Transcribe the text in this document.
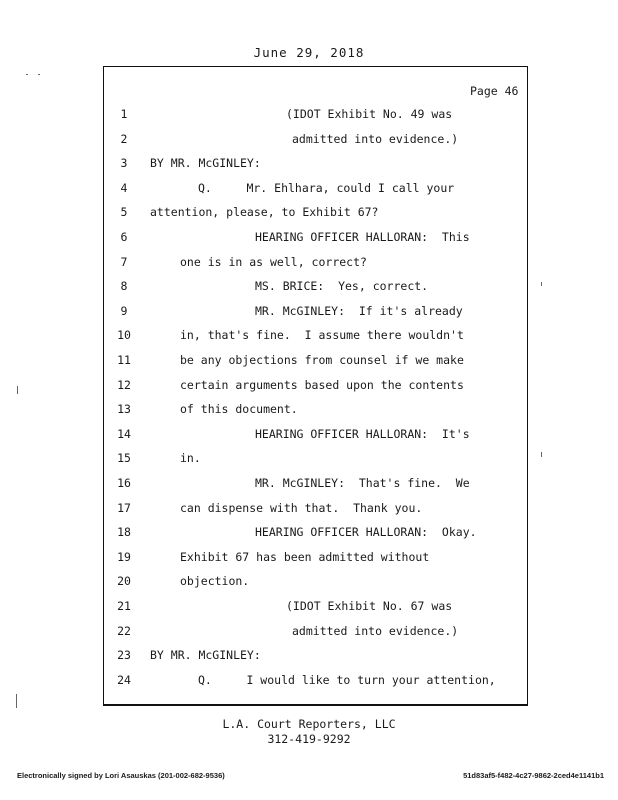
June 29, 2018
Page 46
1	(IDOT Exhibit No. 49 was
2	admitted into evidence.)
3	BY MR. McGINLEY:
4	Q.     Mr. Ehlhara, could I call your
5	attention, please, to Exhibit 67?
6	HEARING OFFICER HALLORAN:  This
7	one is in as well, correct?
8	MS. BRICE:  Yes, correct.
9	MR. McGINLEY:  If it's already
10	in, that's fine.  I assume there wouldn't
11	be any objections from counsel if we make
12	certain arguments based upon the contents
13	of this document.
14	HEARING OFFICER HALLORAN:  It's
15	in.
16	MR. McGINLEY:  That's fine.  We
17	can dispense with that.  Thank you.
18	HEARING OFFICER HALLORAN:  Okay.
19	Exhibit 67 has been admitted without
20	objection.
21	(IDOT Exhibit No. 67 was
22	admitted into evidence.)
23	BY MR. McGINLEY:
24	Q.     I would like to turn your attention,
L.A. Court Reporters, LLC
312-419-9292
Electronically signed by Lori Asauskas (201-002-682-9536)	51d83af5-f482-4c27-9862-2ced4e1141b1
